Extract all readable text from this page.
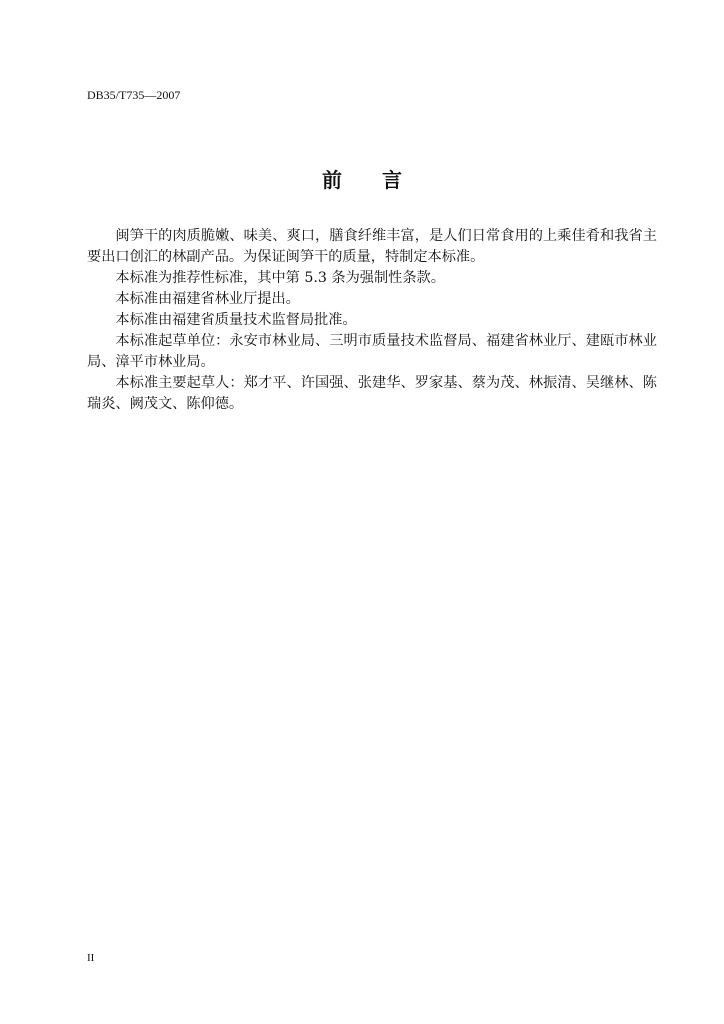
DB35/T735—2007
前 言

闽笋干的肉质脆嫩、味美、爽口，膳食纤维丰富，是人们日常食用的上乘佳肴和我省主要出口创汇的林副产品。为保证闽笋干的质量，特制定本标准。

本标准为推荐性标准，其中第 5.3 条为强制性条款。

本标准由福建省林业厅提出。

本标准由福建省质量技术监督局批准。

本标准起草单位：永安市林业局、三明市质量技术监督局、福建省林业厅、建瓯市林业局、漳平市林业局。

本标准主要起草人：郑才平、许国强、张建华、罗家基、蔡为茂、林振清、吴继林、陈瑞炎、阙茂文、陈仰德。

II
